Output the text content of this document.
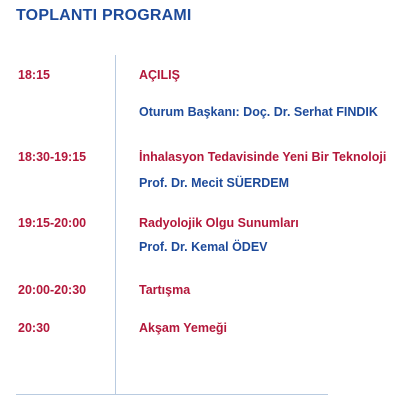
TOPLANTI PROGRAMI
18:15	AÇILIŞ
Oturum Başkanı: Doç. Dr. Serhat FINDIK
18:30-19:15	İnhalasyon Tedavisinde Yeni Bir Teknoloji
Prof. Dr. Mecit SÜERDEM
19:15-20:00	Radyolojik Olgu Sunumları
Prof. Dr. Kemal ÖDEV
20:00-20:30	Tartışma
20:30	Akşam Yemeği
